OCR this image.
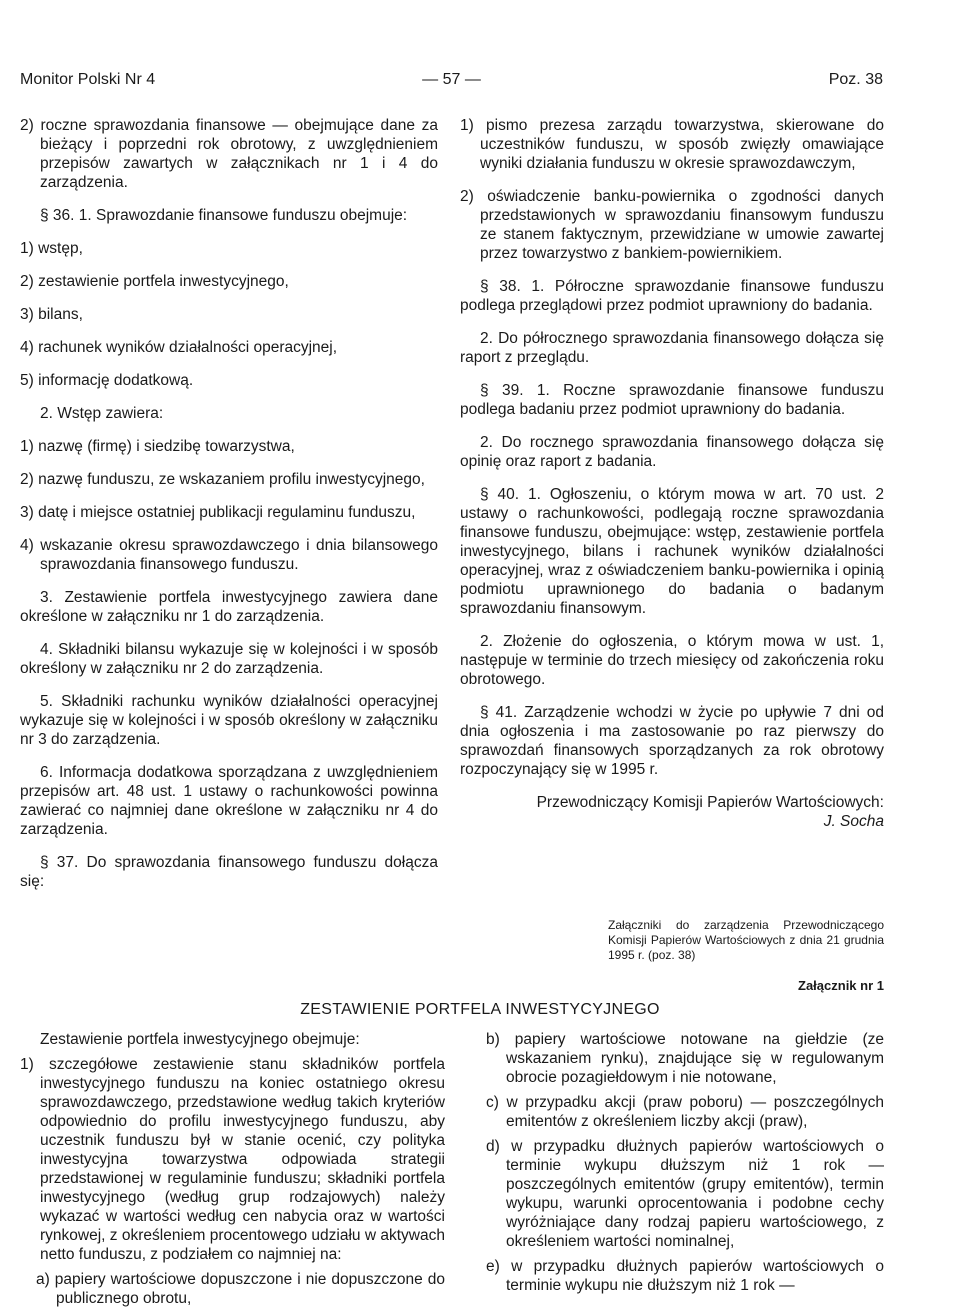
Monitor Polski Nr 4	— 57 —	Poz. 38

2) roczne sprawozdania finansowe — obejmujące dane za bieżący i poprzedni rok obrotowy, z uwzględnieniem przepisów zawartych w załącznikach nr 1 i 4 do zarządzenia.

§ 36. 1. Sprawozdanie finansowe funduszu obejmuje:

1) wstęp,

2) zestawienie portfela inwestycyjnego,

3) bilans,

4) rachunek wyników działalności operacyjnej,

5) informację dodatkową.

2. Wstęp zawiera:

1) nazwę (firmę) i siedzibę towarzystwa,

2) nazwę funduszu, ze wskazaniem profilu inwestycyjnego,

3) datę i miejsce ostatniej publikacji regulaminu funduszu,

4) wskazanie okresu sprawozdawczego i dnia bilansowego sprawozdania finansowego funduszu.

3. Zestawienie portfela inwestycyjnego zawiera dane określone w załączniku nr 1 do zarządzenia.

4. Składniki bilansu wykazuje się w kolejności i w sposób określony w załączniku nr 2 do zarządzenia.

5. Składniki rachunku wyników działalności operacyjnej wykazuje się w kolejności i w sposób określony w załączniku nr 3 do zarządzenia.

6. Informacja dodatkowa sporządzana z uwzględnieniem przepisów art. 48 ust. 1 ustawy o rachunkowości powinna zawierać co najmniej dane określone w załączniku nr 4 do zarządzenia.

§ 37. Do sprawozdania finansowego funduszu dołącza się:

1) pismo prezesa zarządu towarzystwa, skierowane do uczestników funduszu, w sposób zwięzły omawiające wyniki działania funduszu w okresie sprawozdawczym,

2) oświadczenie banku-powiernika o zgodności danych przedstawionych w sprawozdaniu finansowym funduszu ze stanem faktycznym, przewidziane w umowie zawartej przez towarzystwo z bankiem-powiernikiem.

§ 38. 1. Półroczne sprawozdanie finansowe funduszu podlega przeglądowi przez podmiot uprawniony do badania.

2. Do półrocznego sprawozdania finansowego dołącza się raport z przeglądu.

§ 39. 1. Roczne sprawozdanie finansowe funduszu podlega badaniu przez podmiot uprawniony do badania.

2. Do rocznego sprawozdania finansowego dołącza się opinię oraz raport z badania.

§ 40. 1. Ogłoszeniu, o którym mowa w art. 70 ust. 2 ustawy o rachunkowości, podlegają roczne sprawozdania finansowe funduszu, obejmujące: wstęp, zestawienie portfela inwestycyjnego, bilans i rachunek wyników działalności operacyjnej, wraz z oświadczeniem banku-powiernika i opinią podmiotu uprawnionego do badania o badanym sprawozdaniu finansowym.

2. Złożenie do ogłoszenia, o którym mowa w ust. 1, następuje w terminie do trzech miesięcy od zakończenia roku obrotowego.

§ 41. Zarządzenie wchodzi w życie po upływie 7 dni od dnia ogłoszenia i ma zastosowanie po raz pierwszy do sprawozdań finansowych sporządzanych za rok obrotowy rozpoczynający się w 1995 r.

Przewodniczący Komisji Papierów Wartościowych:

J. Socha

Załączniki do zarządzenia Przewodniczącego Komisji Papierów Wartościowych z dnia 21 grudnia 1995 r. (poz. 38)
Załącznik nr 1
ZESTAWIENIE PORTFELA INWESTYCYJNEGO

Zestawienie portfela inwestycyjnego obejmuje:

1) szczegółowe zestawienie stanu składników portfela inwestycyjnego funduszu na koniec ostatniego okresu sprawozdawczego, przedstawione według takich kryteriów odpowiednio do profilu inwestycyjnego funduszu, aby uczestnik funduszu był w stanie ocenić, czy polityka inwestycyjna towarzystwa odpowiada strategii przedstawionej w regulaminie funduszu; składniki portfela inwestycyjnego (według grup rodzajowych) należy wykazać w wartości według cen nabycia oraz w wartości rynkowej, z określeniem procentowego udziału w aktywach netto funduszu, z podziałem co najmniej na:

a) papiery wartościowe dopuszczone i nie dopuszczone do publicznego obrotu,

b) papiery wartościowe notowane na giełdzie (ze wskazaniem rynku), znajdujące się w regulowanym obrocie pozagiełdowym i nie notowane,

c) w przypadku akcji (praw poboru) — poszczególnych emitentów z określeniem liczby akcji (praw),

d) w przypadku dłużnych papierów wartościowych o terminie wykupu dłuższym niż 1 rok — poszczególnych emitentów (grupy emitentów), termin wykupu, warunki oprocentowania i podobne cechy wyróżniające dany rodzaj papieru wartościowego, z określeniem wartości nominalnej,

e) w przypadku dłużnych papierów wartościowych o terminie wykupu nie dłuższym niż 1 rok —
